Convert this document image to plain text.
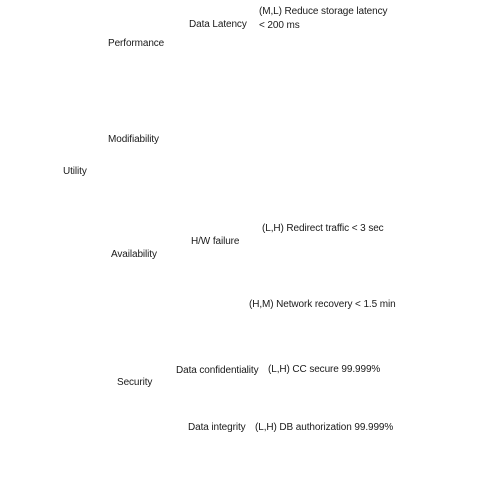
Utility
Performance
Modifiability
Availability
Security
Data Latency
H/W failure
Data confidentiality
Data integrity
(M,L) Reduce storage latency
< 200 ms
(L,H) Redirect traffic < 3 sec
(H,M) Network recovery < 1.5 min
(L,H) CC secure 99.999%
(L,H) DB authorization 99.999%
